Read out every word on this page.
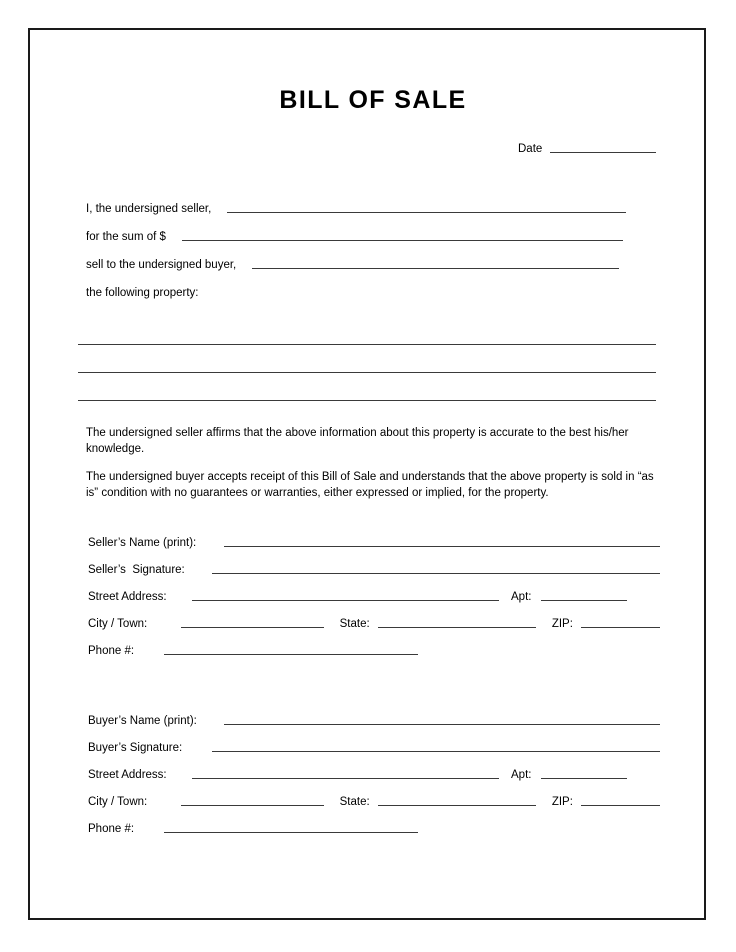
BILL OF SALE
Date
I, the undersigned seller,
for the sum of $
sell to the undersigned buyer,
the following property:
The undersigned seller affirms that the above information about this property is accurate to the best his/her knowledge.
The undersigned buyer accepts receipt of this Bill of Sale and understands that the above property is sold in “as is” condition with no guarantees or warranties, either expressed or implied, for the property.
Seller’s Name (print):
Seller’s  Signature:
Street Address:	Apt:
City / Town:	State:	ZIP:
Phone #:
Buyer’s Name (print):
Buyer’s Signature:
Street Address:	Apt:
City / Town:	State:	ZIP:
Phone #:
